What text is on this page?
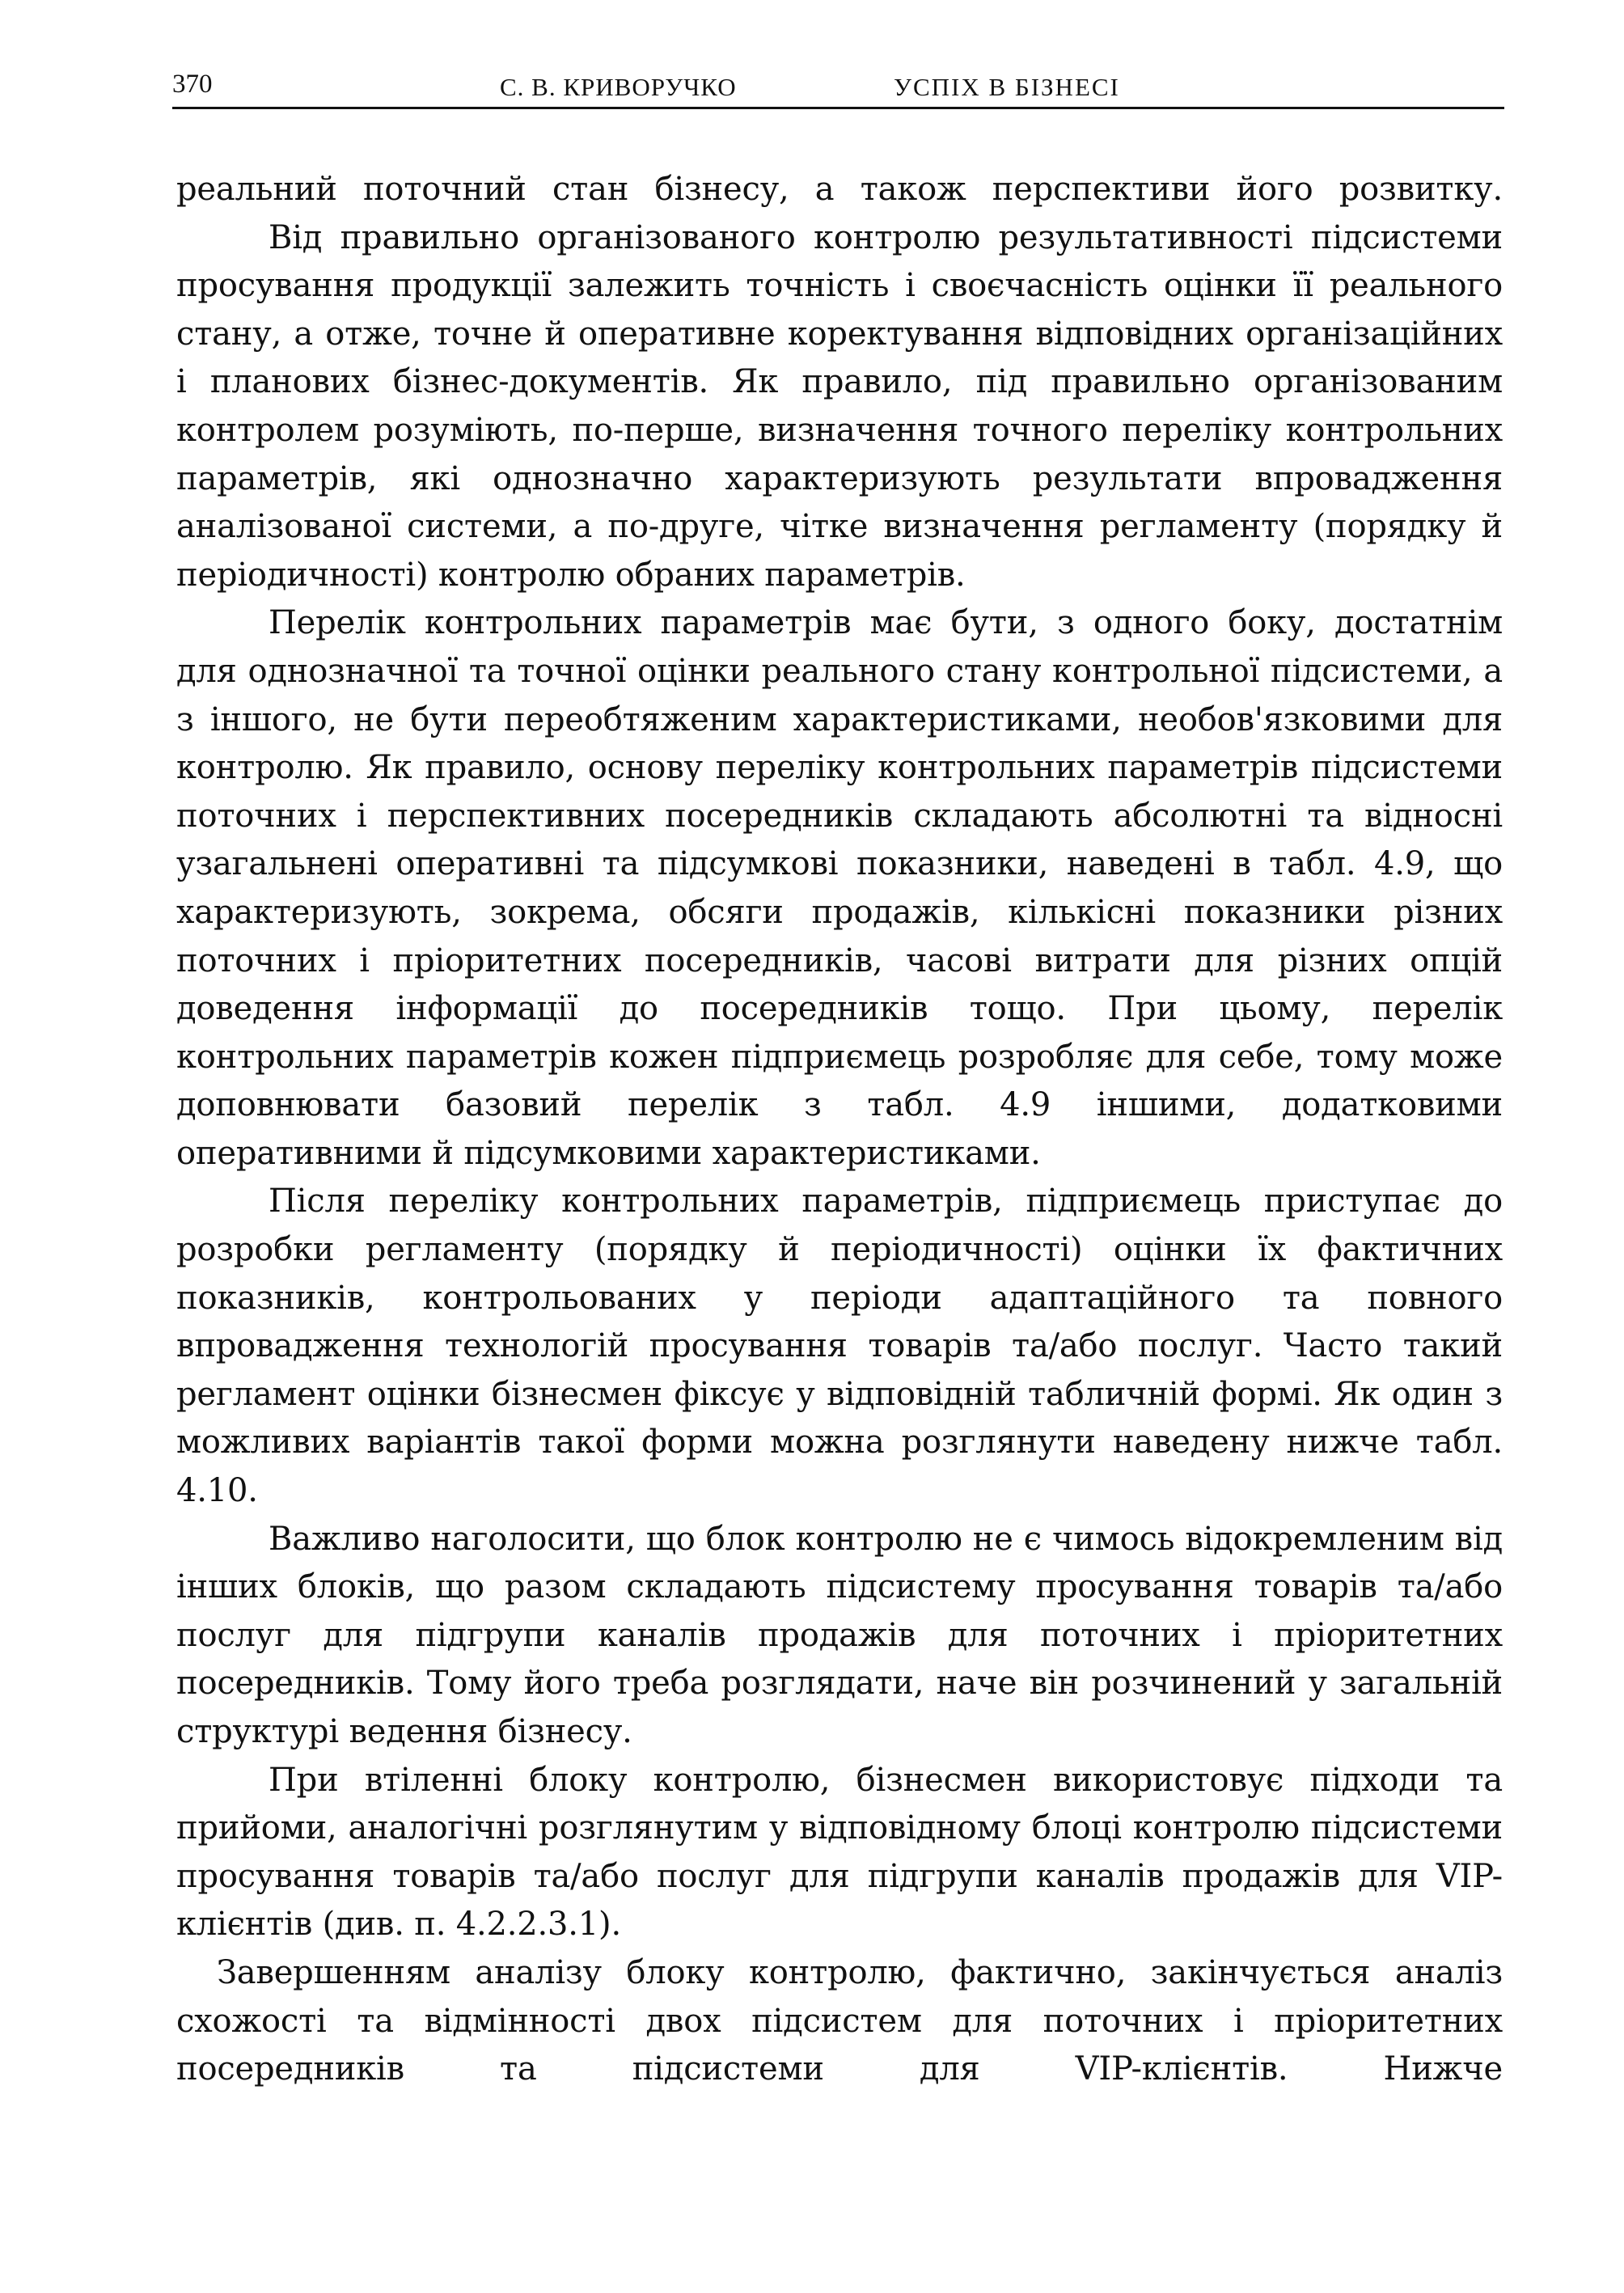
370	С. В. КРИВОРУЧКО	УСПІХ В БІЗНЕСІ

реальний поточний стан бізнесу, а також перспективи його розвитку.

Від правильно організованого контролю результативності підсистеми просування продукції залежить точність і своєчасність оцінки її реального стану, а отже, точне й оперативне коректування відповідних організаційних і планових бізнес-документів. Як правило, під правильно організованим контролем розуміють, по-перше, визначення точного переліку контрольних параметрів, які однозначно характеризують результати впровадження аналізованої системи, а по-друге, чітке визначення регламенту (порядку й періодичності) контролю обраних параметрів.

Перелік контрольних параметрів має бути, з одного боку, достатнім для однозначної та точної оцінки реального стану контрольної підсистеми, а з іншого, не бути переобтяженим характеристиками, необов'язковими для контролю. Як правило, основу переліку контрольних параметрів підсистеми поточних і перспективних посередників складають абсолютні та відносні узагальнені оперативні та підсумкові показники, наведені в табл. 4.9, що характеризують, зокрема, обсяги продажів, кількісні показники різних поточних і пріоритетних посередників, часові витрати для різних опцій доведення інформації до посередників тощо. При цьому, перелік контрольних параметрів кожен підприємець розробляє для себе, тому може доповнювати базовий перелік з табл. 4.9 іншими, додатковими оперативними й підсумковими характеристиками.

Після переліку контрольних параметрів, підприємець приступає до розробки регламенту (порядку й періодичності) оцінки їх фактичних показників, контрольованих у періоди адаптаційного та повного впровадження технологій просування товарів та/або послуг. Часто такий регламент оцінки бізнесмен фіксує у відповідній табличній формі. Як один з можливих варіантів такої форми можна розглянути наведену нижче табл. 4.10.

Важливо наголосити, що блок контролю не є чимось відокремленим від інших блоків, що разом складають підсистему просування товарів та/або послуг для підгрупи каналів продажів для поточних і пріоритетних посередників. Тому його треба розглядати, наче він розчинений у загальній структурі ведення бізнесу.

При втіленні блоку контролю, бізнесмен використовує підходи та прийоми, аналогічні розглянутим у відповідному блоці контролю підсистеми просування товарів та/або послуг для підгрупи каналів продажів для VIP-клієнтів (див. п. 4.2.2.3.1).

Завершенням аналізу блоку контролю, фактично, закінчується аналіз схожості та відмінності двох підсистем для поточних і пріоритетних посередників та підсистеми для VIP-клієнтів. Нижче
